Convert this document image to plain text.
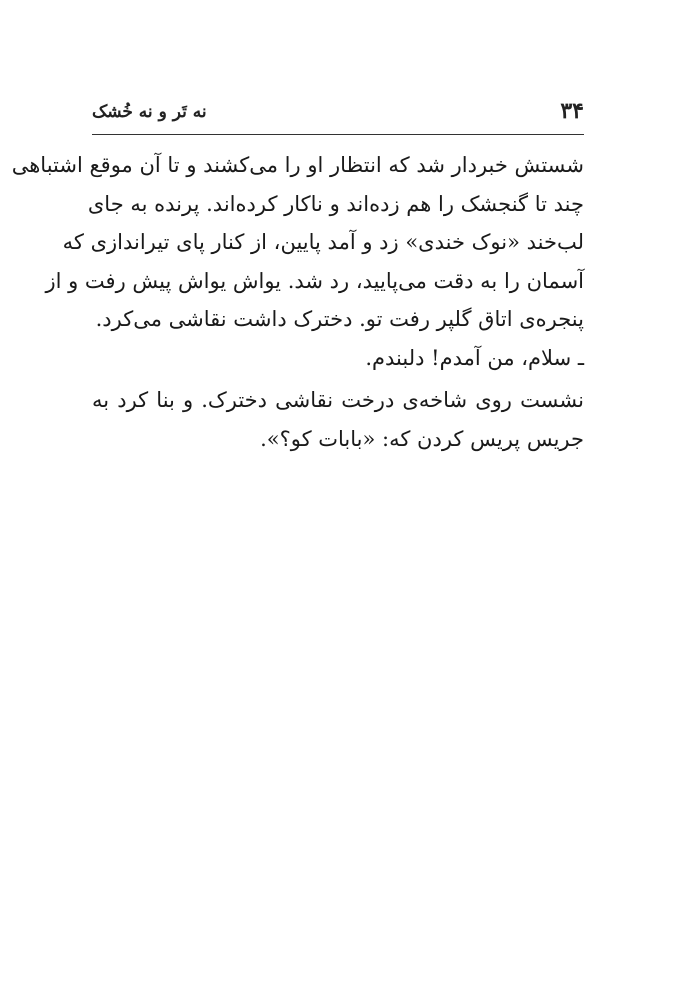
۳۴
نه تَر و نه خُشک
شستش خبردار شد که انتظار او را می‌کشند و تا آن موقع اشتباهی
چند تا گنجشک را هم زده‌اند و ناکار کرده‌اند. پرنده به جای
لب‌خند «نوک خندی» زد و آمد پایین، از کنار پای تیراندازی که
آسمان را به دقت می‌پایید، رد شد. یواش یواش پیش رفت و از
پنجره‌ی اتاق گلپر رفت تو. دخترک داشت نقاشی می‌کرد.
ـ سلام، من آمدم! دلبندم.
نشست روی شاخه‌ی درخت نقاشی دخترک. و بنا کرد به
جریس پریس کردن که: «بابات کو؟».
